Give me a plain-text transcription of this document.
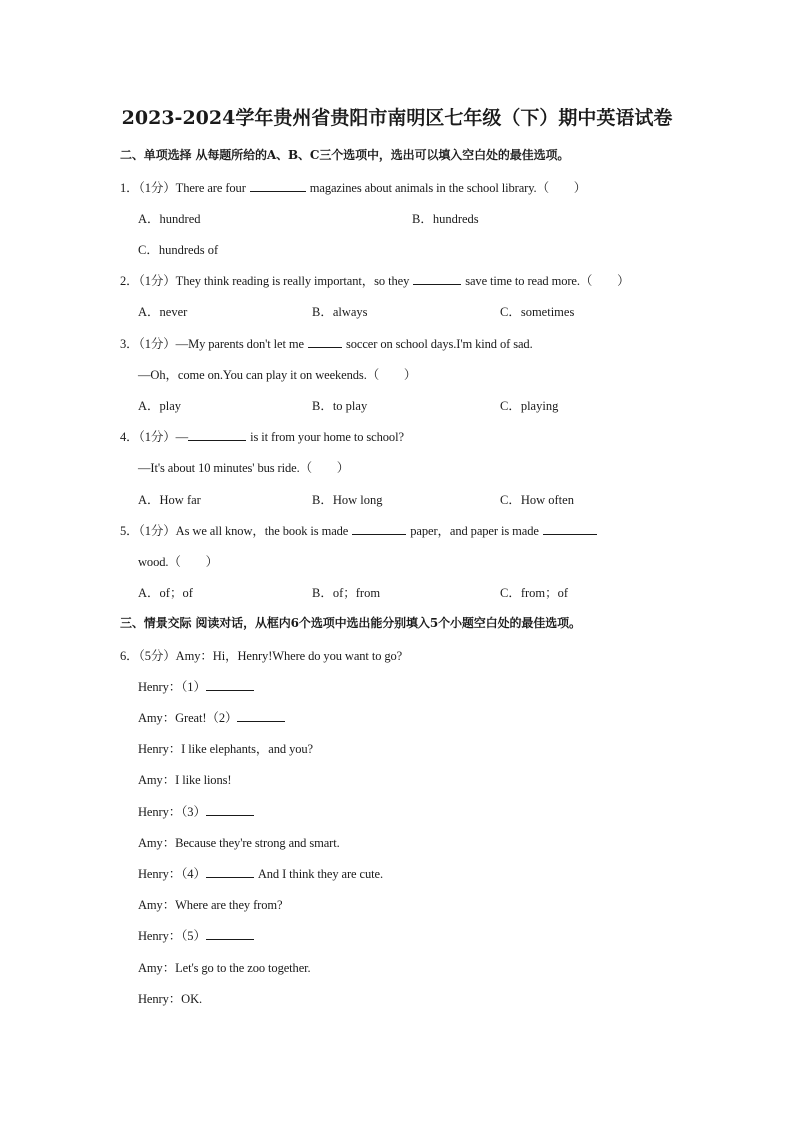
2023-2024学年贵州省贵阳市南明区七年级（下）期中英语试卷
二、单项选择 从每题所给的A、B、C三个选项中，选出可以填入空白处的最佳选项。
1．（1分）There are four	magazines about animals in the school library.（　　）
A．hundred	B．hundreds
C．hundreds of
2．（1分）They think reading is really important，so they	save time to read more.（　　）
A．never	B．always	C．sometimes
3．（1分）—My parents don't let me	soccer on school days.I'm kind of sad.
—Oh，come on.You can play it on weekends.（　　）
A．play	B．to play	C．playing
4．（1分）—	is it from your home to school?
—It's about 10 minutes' bus ride.（　　）
A．How far	B．How long	C．How often
5．（1分）As we all know，the book is made	paper，and paper is made
wood.（　　）
A．of；of	B．of；from	C．from；of
三、情景交际 阅读对话，从框内6个选项中选出能分别填入5个小题空白处的最佳选项。
6．（5分）Amy：Hi，Henry!Where do you want to go?
Henry：（1）
Amy：Great!（2）
Henry：I like elephants，and you?
Amy：I like lions!
Henry：（3）
Amy：Because they're strong and smart.
Henry：（4）	And I think they are cute.
Amy：Where are they from?
Henry：（5）
Amy：Let's go to the zoo together.
Henry：OK.
